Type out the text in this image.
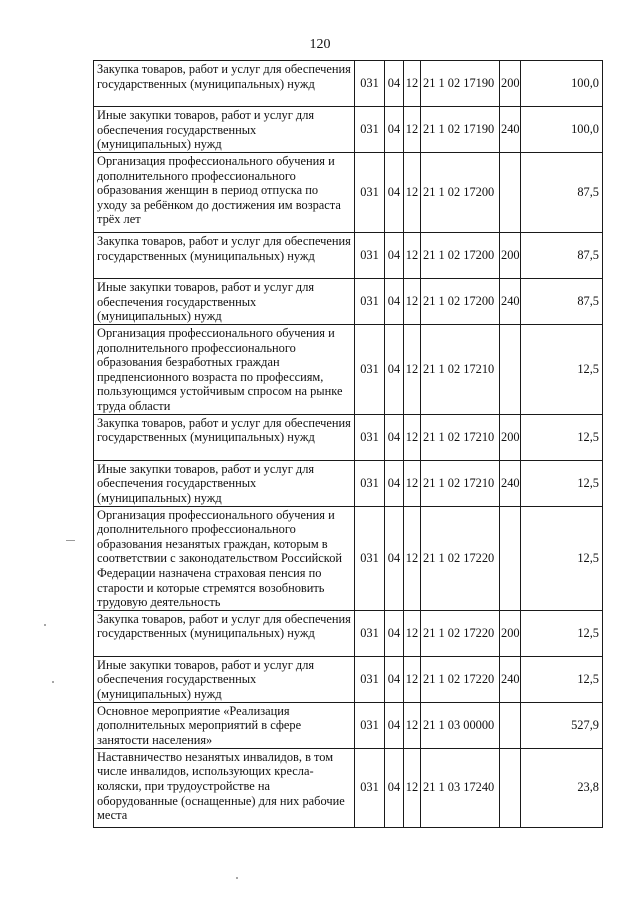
120
Закупка товаров, работ и услуг для обеспечения государственных (муниципальных) нужд	031	04	12	21 1 02 17190	200	100,0
Иные закупки товаров, работ и услуг для обеспечения государственных (муниципальных) нужд	031	04	12	21 1 02 17190	240	100,0
Организация профессионального обучения и дополнительного профессионального образования женщин в период отпуска по уходу за ребёнком до достижения им возраста трёх лет	031	04	12	21 1 02 17200		87,5
Закупка товаров, работ и услуг для обеспечения государственных (муниципальных) нужд	031	04	12	21 1 02 17200	200	87,5
Иные закупки товаров, работ и услуг для обеспечения государственных (муниципальных) нужд	031	04	12	21 1 02 17200	240	87,5
Организация профессионального обучения и дополнительного профессионального образования безработных граждан предпенсионного возраста по профессиям, пользующимся устойчивым спросом на рынке труда области	031	04	12	21 1 02 17210		12,5
Закупка товаров, работ и услуг для обеспечения государственных (муниципальных) нужд	031	04	12	21 1 02 17210	200	12,5
Иные закупки товаров, работ и услуг для обеспечения государственных (муниципальных) нужд	031	04	12	21 1 02 17210	240	12,5
Организация профессионального обучения и дополнительного профессионального образования незанятых граждан, которым в соответствии с законодательством Российской Федерации назначена страховая пенсия по старости и которые стремятся возобновить трудовую деятельность	031	04	12	21 1 02 17220		12,5
Закупка товаров, работ и услуг для обеспечения государственных (муниципальных) нужд	031	04	12	21 1 02 17220	200	12,5
Иные закупки товаров, работ и услуг для обеспечения государственных (муниципальных) нужд	031	04	12	21 1 02 17220	240	12,5
Основное мероприятие «Реализация дополнительных мероприятий в сфере занятости населения»	031	04	12	21 1 03 00000		527,9
Наставничество незанятых инвалидов, в том числе инвалидов, использующих кресла-коляски, при трудоустройстве на оборудованные (оснащенные) для них рабочие места	031	04	12	21 1 03 17240		23,8
